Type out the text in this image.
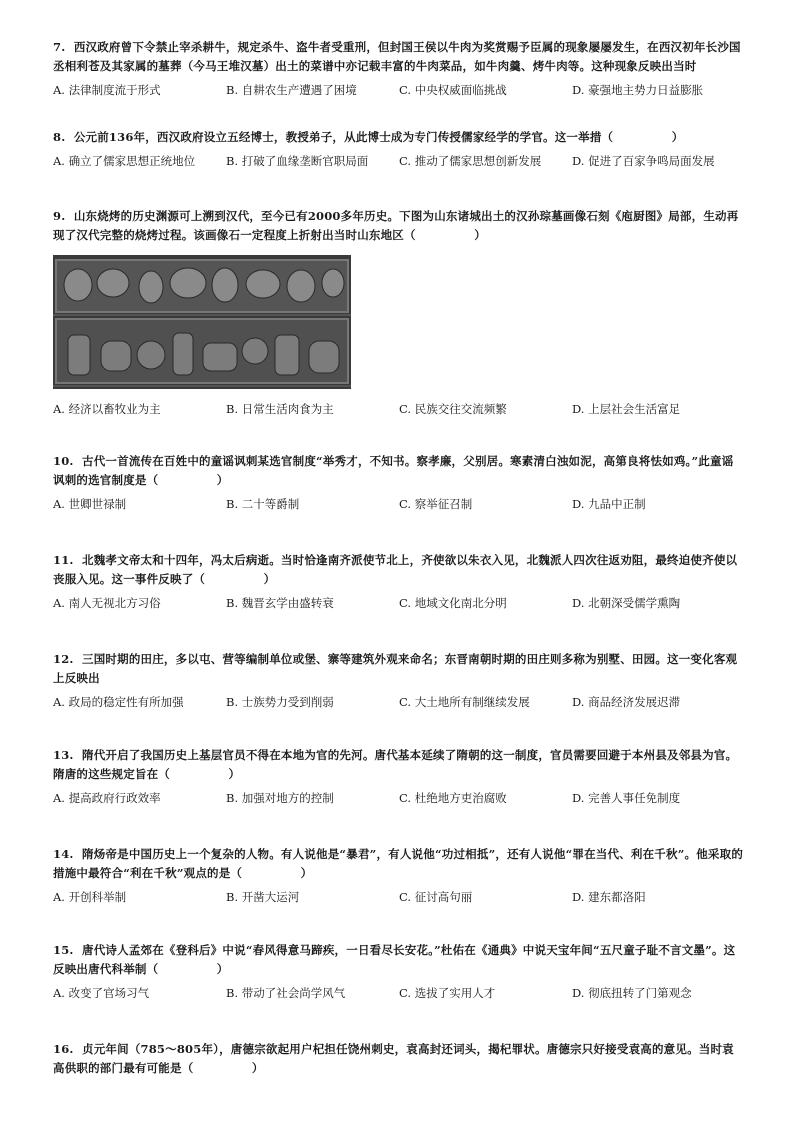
7. 西汉政府曾下令禁止宰杀耕牛，规定杀牛、盗牛者受重刑，但封国王侯以牛肉为奖赏赐予臣属的现象屡屡发生，在西汉初年长沙国丞相利苍及其家属的墓葬（今马王堆汉墓）出土的菜谱中亦记载丰富的牛肉菜品，如牛肉羹、烤牛肉等。这种现象反映出当时

A. 法律制度流于形式	B. 自耕农生产遭遇了困境	C. 中央权威面临挑战	D. 豪强地主势力日益膨胀

8. 公元前136年，西汉政府设立五经博士，教授弟子，从此博士成为专门传授儒家经学的学官。这一举措（　　　　　）

A. 确立了儒家思想正统地位	B. 打破了血缘垄断官职局面	C. 推动了儒家思想创新发展	D. 促进了百家争鸣局面发展

9. 山东烧烤的历史渊源可上溯到汉代，至今已有2000多年历史。下图为山东诸城出土的汉孙琮墓画像石刻《庖厨图》局部，生动再现了汉代完整的烧烤过程。该画像石一定程度上折射出当时山东地区（　　　　　）

A. 经济以畜牧业为主	B. 日常生活肉食为主	C. 民族交往交流频繁	D. 上层社会生活富足

10. 古代一首流传在百姓中的童谣讽刺某选官制度“举秀才，不知书。察孝廉，父别居。寒素清白浊如泥，高第良将怯如鸡。”此童谣讽刺的选官制度是（　　　　　）

A. 世卿世禄制	B. 二十等爵制	C. 察举征召制	D. 九品中正制

11. 北魏孝文帝太和十四年，冯太后病逝。当时恰逢南齐派使节北上，齐使欲以朱衣入见，北魏派人四次往返劝阻，最终迫使齐使以丧服入见。这一事件反映了（　　　　　）

A. 南人无视北方习俗	B. 魏晋玄学由盛转衰	C. 地域文化南北分明	D. 北朝深受儒学熏陶

12. 三国时期的田庄，多以屯、营等编制单位或堡、寨等建筑外观来命名；东晋南朝时期的田庄则多称为别墅、田园。这一变化客观上反映出

A. 政局的稳定性有所加强	B. 士族势力受到削弱	C. 大土地所有制继续发展	D. 商品经济发展迟滞

13. 隋代开启了我国历史上基层官员不得在本地为官的先河。唐代基本延续了隋朝的这一制度，官员需要回避于本州县及邻县为官。隋唐的这些规定旨在（　　　　　）

A. 提高政府行政效率	B. 加强对地方的控制	C. 杜绝地方吏治腐败	D. 完善人事任免制度

14. 隋炀帝是中国历史上一个复杂的人物。有人说他是“暴君”，有人说他“功过相抵”，还有人说他“罪在当代、利在千秋”。他采取的措施中最符合“利在千秋”观点的是（　　　　　）

A. 开创科举制	B. 开凿大运河	C. 征讨高句丽	D. 建东都洛阳

15. 唐代诗人孟郊在《登科后》中说“春风得意马蹄疾，一日看尽长安花。”杜佑在《通典》中说天宝年间“五尺童子耻不言文墨”。这反映出唐代科举制（　　　　　）

A. 改变了官场习气	B. 带动了社会尚学风气	C. 选拔了实用人才	D. 彻底扭转了门第观念

16. 贞元年间（785～805年），唐德宗欲起用户杞担任饶州刺史，袁高封还词头，揭杞罪状。唐德宗只好接受袁高的意见。当时袁高供职的部门最有可能是（　　　　　）
